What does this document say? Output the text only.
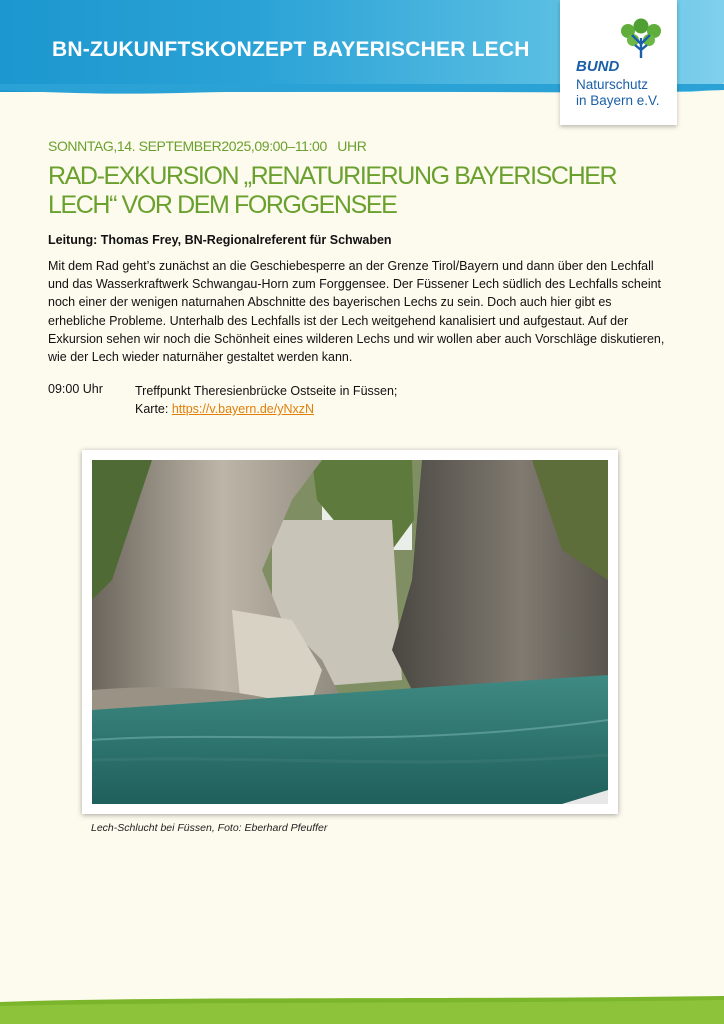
BN-ZUKUNFTSKONZEPT BAYERISCHER LECH
BUND
Naturschutz
in Bayern e.V.
SONNTAG,14. SEPTEMBER2025,09:00–11:00   UHR
RAD-EXKURSION „RENATURIERUNG BAYERISCHER
LECH“ VOR DEM FORGGENSEE
Leitung: Thomas Frey, BN-Regionalreferent für Schwaben

Mit dem Rad geht’s zunächst an die Geschiebesperre an der Grenze Tirol/Bayern und dann über den Lechfall und das Wasserkraftwerk Schwangau-Horn zum Forggensee. Der Füssener Lech südlich des Lechfalls scheint noch einer der wenigen naturnahen Abschnitte des bayerischen Lechs zu sein. Doch auch hier gibt es erhebliche Probleme. Unterhalb des Lechfalls ist der Lech weitgehend kanalisiert und aufgestaut. Auf der Exkursion sehen wir noch die Schönheit eines wilderen Lechs und wir wollen aber auch Vorschläge diskutieren, wie der Lech wieder naturnäher gestaltet werden kann.

09:00 Uhr	Treffpunkt Theresienbrücke Ostseite in Füssen;
Karte: https://v.bayern.de/yNxzN
Lech-Schlucht bei Füssen, Foto: Eberhard Pfeuffer
